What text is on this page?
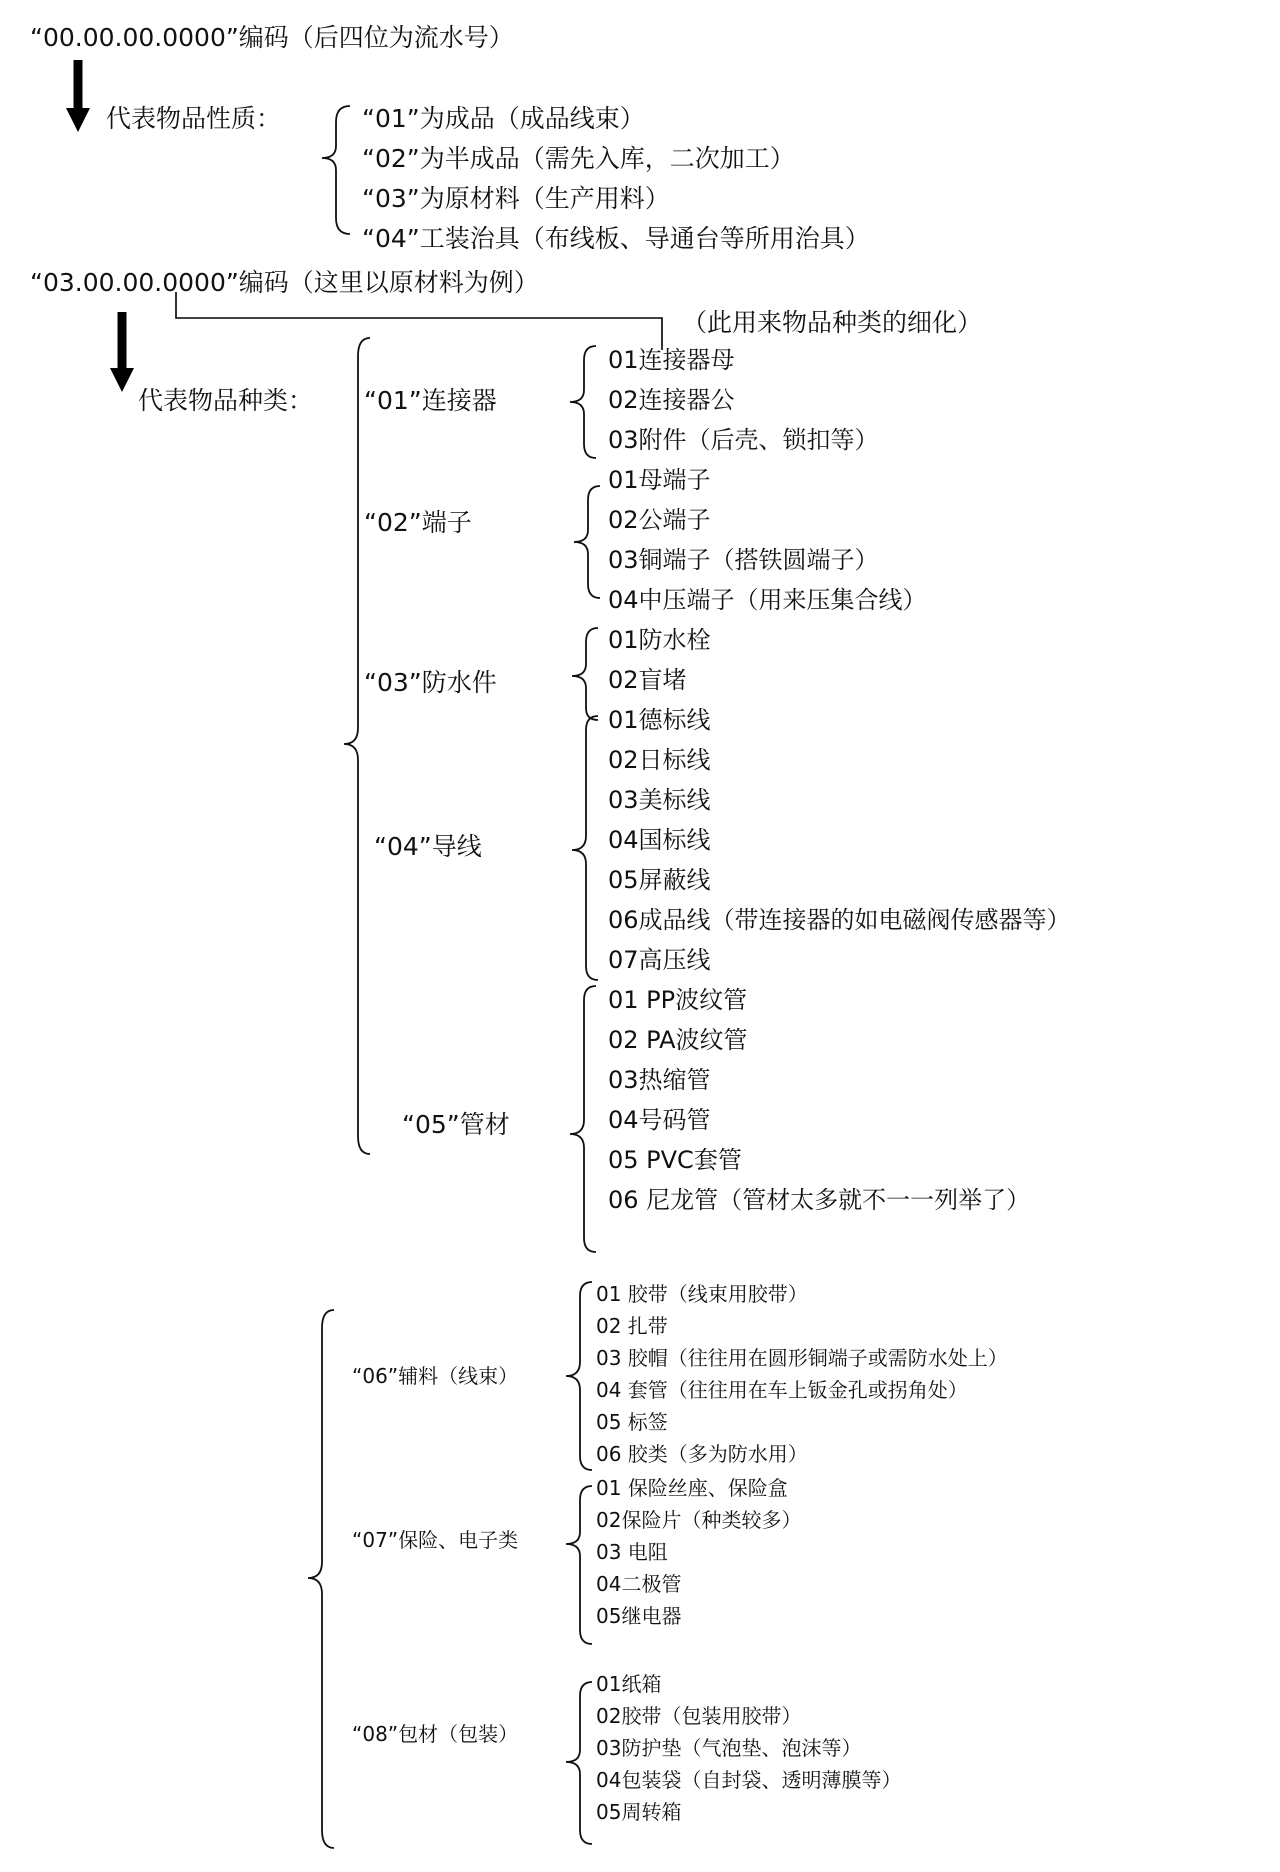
“00.00.00.0000”编码（后四位为流水号）
代表物品性质：	“01”为成品（成品线束）
“02”为半成品（需先入库，二次加工）
“03”为原材料（生产用料）
“04”工装治具（布线板、导通台等所用治具）
“03.00.00.0000”编码（这里以原材料为例）
（此用来物品种类的细化）
代表物品种类： “01”连接器
“02”端子
“03”防水件
“04”导线
“05”管材
01连接器母
02连接器公
03附件（后壳、锁扣等）
01母端子
02公端子
03铜端子（搭铁圆端子）
04中压端子（用来压集合线）
01防水栓
02盲堵
01德标线
02日标线
03美标线
04国标线
05屏蔽线
06成品线（带连接器的如电磁阀传感器等）
07高压线
01 PP波纹管
02 PA波纹管
03热缩管
04号码管
05 PVC套管
06 尼龙管（管材太多就不一一列举了）
“06”辅料（线束）
“07”保险、电子类
“08”包材（包装）
01 胶带（线束用胶带）
02 扎带
03 胶帽（往往用在圆形铜端子或需防水处上）
04 套管（往往用在车上钣金孔或拐角处）
05 标签
06 胶类（多为防水用）
01 保险丝座、保险盒
02保险片（种类较多）
03 电阻
04二极管
05继电器
01纸箱
02胶带（包装用胶带）
03防护垫（气泡垫、泡沫等）
04包装袋（自封袋、透明薄膜等）
05周转箱
